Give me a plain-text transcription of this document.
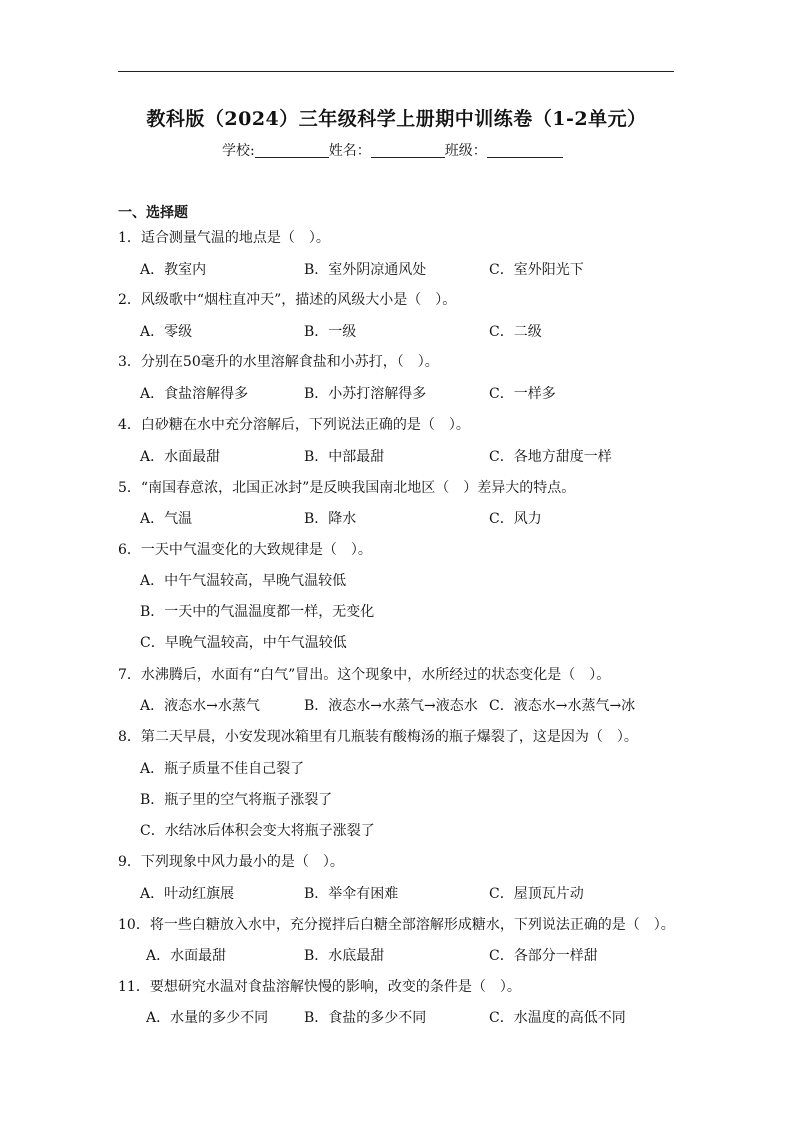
教科版（2024）三年级科学上册期中训练卷（1-2单元）
学校:	姓名：	班级：
一、选择题
1．适合测量气温的地点是（　）。
A．教室内	B．室外阴凉通风处	C．室外阳光下
2．风级歌中“烟柱直冲天”，描述的风级大小是（　）。
A．零级	B．一级	C．二级
3．分别在50毫升的水里溶解食盐和小苏打，（　）。
A．食盐溶解得多	B．小苏打溶解得多	C．一样多
4．白砂糖在水中充分溶解后，下列说法正确的是（　）。
A．水面最甜	B．中部最甜	C．各地方甜度一样
5．“南国春意浓，北国正冰封”是反映我国南北地区（　）差异大的特点。
A．气温	B．降水	C．风力
6．一天中气温变化的大致规律是（　）。
A．中午气温较高，早晚气温较低
B．一天中的气温温度都一样，无变化
C．早晚气温较高，中午气温较低
7．水沸腾后，水面有“白气”冒出。这个现象中，水所经过的状态变化是（　）。
A．液态水→水蒸气	B．液态水→水蒸气→液态水 C．液态水→水蒸气→冰
8．第二天早晨，小安发现冰箱里有几瓶装有酸梅汤的瓶子爆裂了，这是因为（　）。
A．瓶子质量不佳自己裂了
B．瓶子里的空气将瓶子涨裂了
C．水结冰后体积会变大将瓶子涨裂了
9．下列现象中风力最小的是（　）。
A．叶动红旗展	B．举伞有困难	C．屋顶瓦片动
10．将一些白糖放入水中，充分搅拌后白糖全部溶解形成糖水，下列说法正确的是（　）。
A．水面最甜	B．水底最甜	C．各部分一样甜
11．要想研究水温对食盐溶解快慢的影响，改变的条件是（　）。
A．水量的多少不同	B．食盐的多少不同	C．水温度的高低不同
